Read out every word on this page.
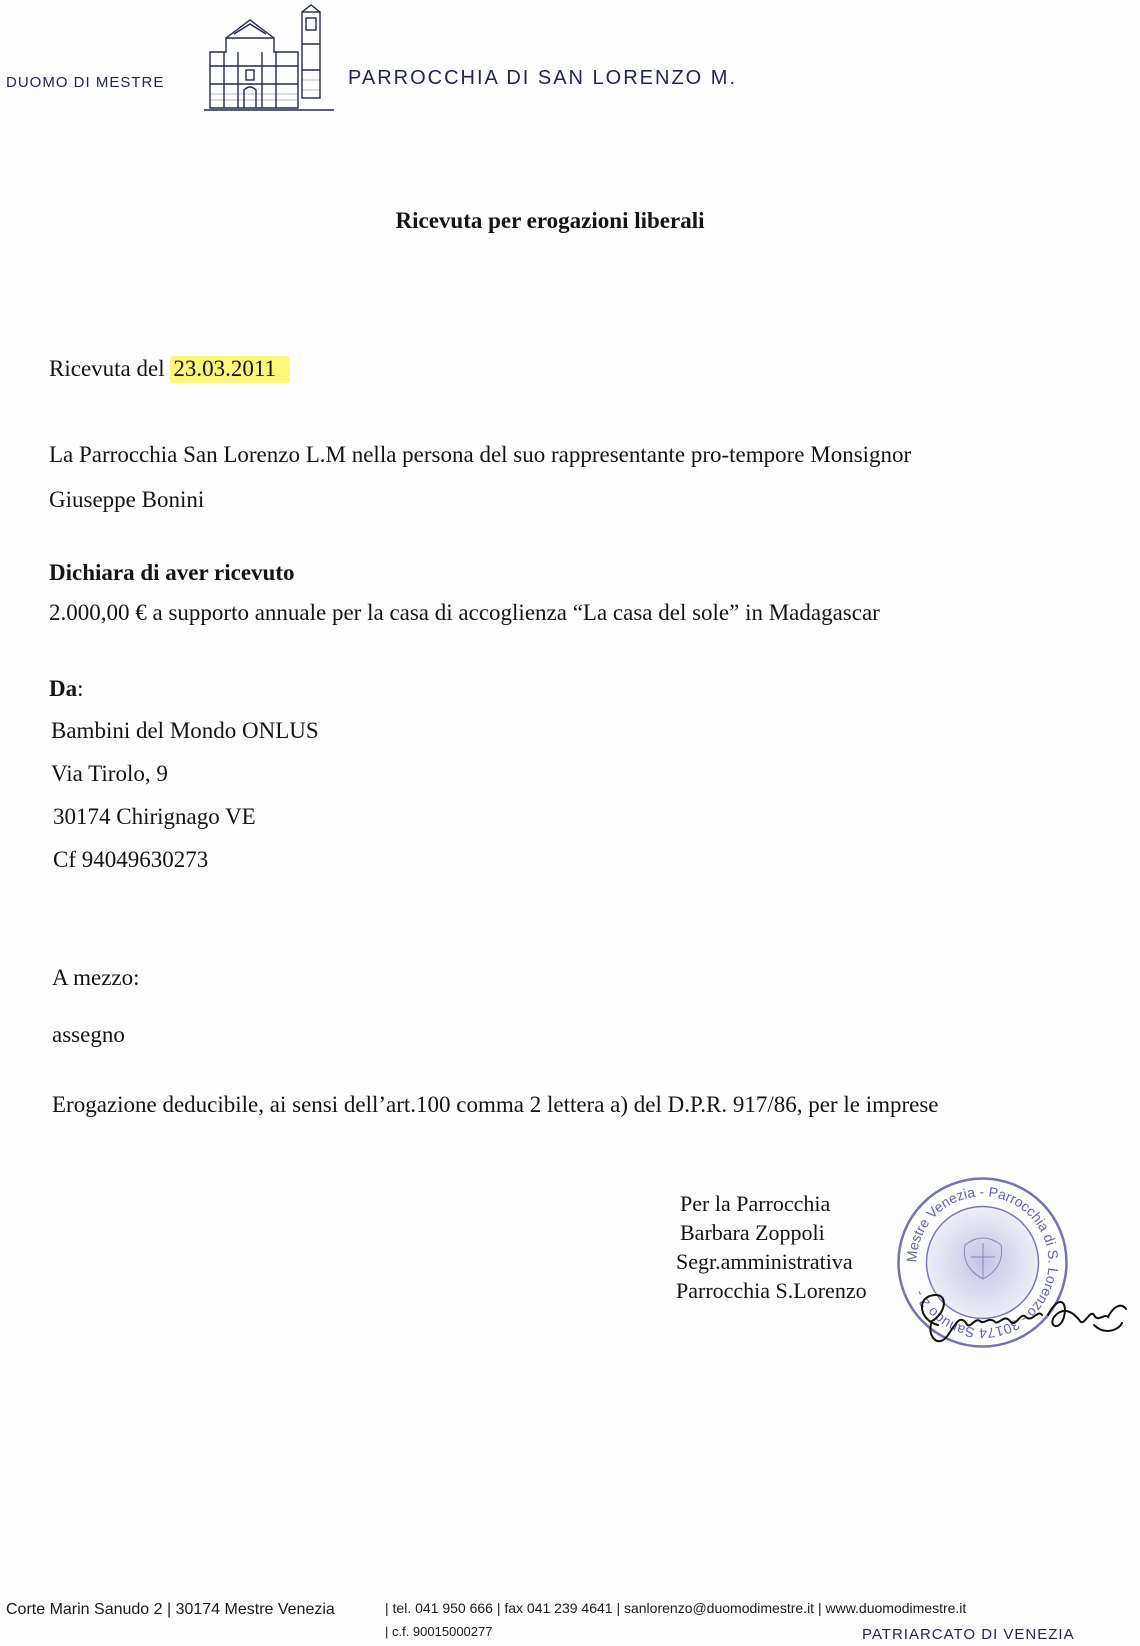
DUOMO DI MESTRE	PARROCCHIA DI SAN LORENZO M.
Ricevuta per erogazioni liberali
Ricevuta del 23.03.2011
La Parrocchia San Lorenzo L.M nella persona del suo rappresentante pro-tempore Monsignor
Giuseppe Bonini
Dichiara di aver ricevuto
2.000,00 € a supporto annuale per la casa di accoglienza “La casa del sole” in Madagascar
Da:
Bambini del Mondo ONLUS
Via Tirolo, 9
30174 Chirignago VE
Cf 94049630273
A mezzo:
assegno
Erogazione deducibile, ai sensi dell’art.100 comma 2 lettera a) del D.P.R. 917/86, per le imprese
Per la Parrocchia
Barbara Zoppoli
Segr.amministrativa
Parrocchia S.Lorenzo
Mestre Venezia - Parrocchia di S. Lorenzo - 30174 Sanudo 2 -
Corte Marin Sanudo 2 | 30174 Mestre Venezia	| tel. 041 950 666 | fax 041 239 4641 | sanlorenzo@duomodimestre.it | www.duomodimestre.it
| c.f. 90015000277	PATRIARCATO DI VENEZIA
